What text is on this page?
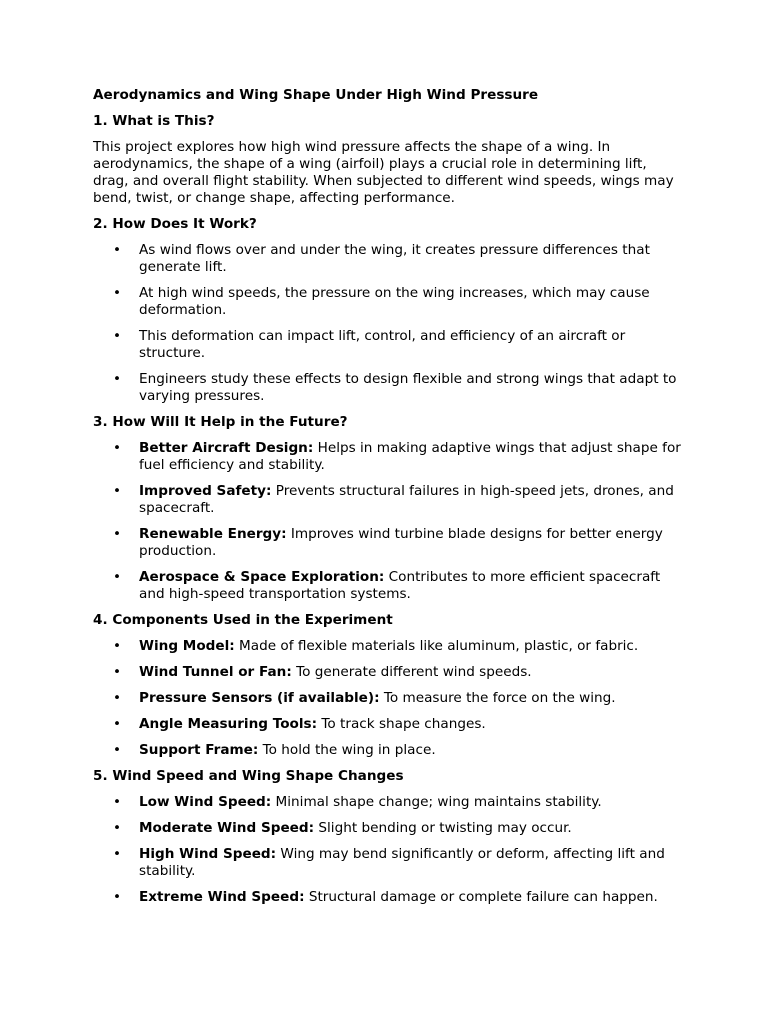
Aerodynamics and Wing Shape Under High Wind Pressure

1. What is This?

This project explores how high wind pressure affects the shape of a wing. In aerodynamics, the shape of a wing (airfoil) plays a crucial role in determining lift, drag, and overall flight stability. When subjected to different wind speeds, wings may bend, twist, or change shape, affecting performance.

2. How Does It Work?

• As wind flows over and under the wing, it creates pressure differences that generate lift.
• At high wind speeds, the pressure on the wing increases, which may cause deformation.
• This deformation can impact lift, control, and efficiency of an aircraft or structure.
• Engineers study these effects to design flexible and strong wings that adapt to varying pressures.

3. How Will It Help in the Future?

• Better Aircraft Design: Helps in making adaptive wings that adjust shape for fuel efficiency and stability.
• Improved Safety: Prevents structural failures in high-speed jets, drones, and spacecraft.
• Renewable Energy: Improves wind turbine blade designs for better energy production.
• Aerospace & Space Exploration: Contributes to more efficient spacecraft and high-speed transportation systems.

4. Components Used in the Experiment

• Wing Model: Made of flexible materials like aluminum, plastic, or fabric.
• Wind Tunnel or Fan: To generate different wind speeds.
• Pressure Sensors (if available): To measure the force on the wing.
• Angle Measuring Tools: To track shape changes.
• Support Frame: To hold the wing in place.

5. Wind Speed and Wing Shape Changes

• Low Wind Speed: Minimal shape change; wing maintains stability.
• Moderate Wind Speed: Slight bending or twisting may occur.
• High Wind Speed: Wing may bend significantly or deform, affecting lift and stability.
• Extreme Wind Speed: Structural damage or complete failure can happen.
